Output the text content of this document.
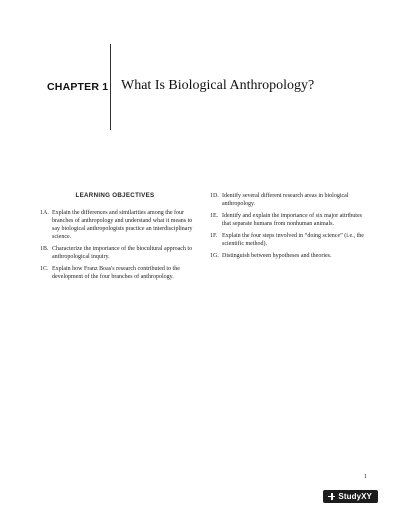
CHAPTER 1 What Is Biological Anthropology?
LEARNING OBJECTIVES
1A. Explain the differences and similarities among the four branches of anthropology and understand what it means to say biological anthropologists practice an interdisciplinary science.
1B. Characterize the importance of the biocultural approach to anthropological inquiry.
1C. Explain how Franz Boas's research contributed to the development of the four branches of anthropology.
1D. Identify several different research areas in biological anthropology.
1E. Identify and explain the importance of six major attributes that separate humans from nonhuman animals.
1F. Explain the four steps involved in “doing science” (i.e., the scientific method).
1G. Distinguish between hypotheses and theories.
1
StudyXY
